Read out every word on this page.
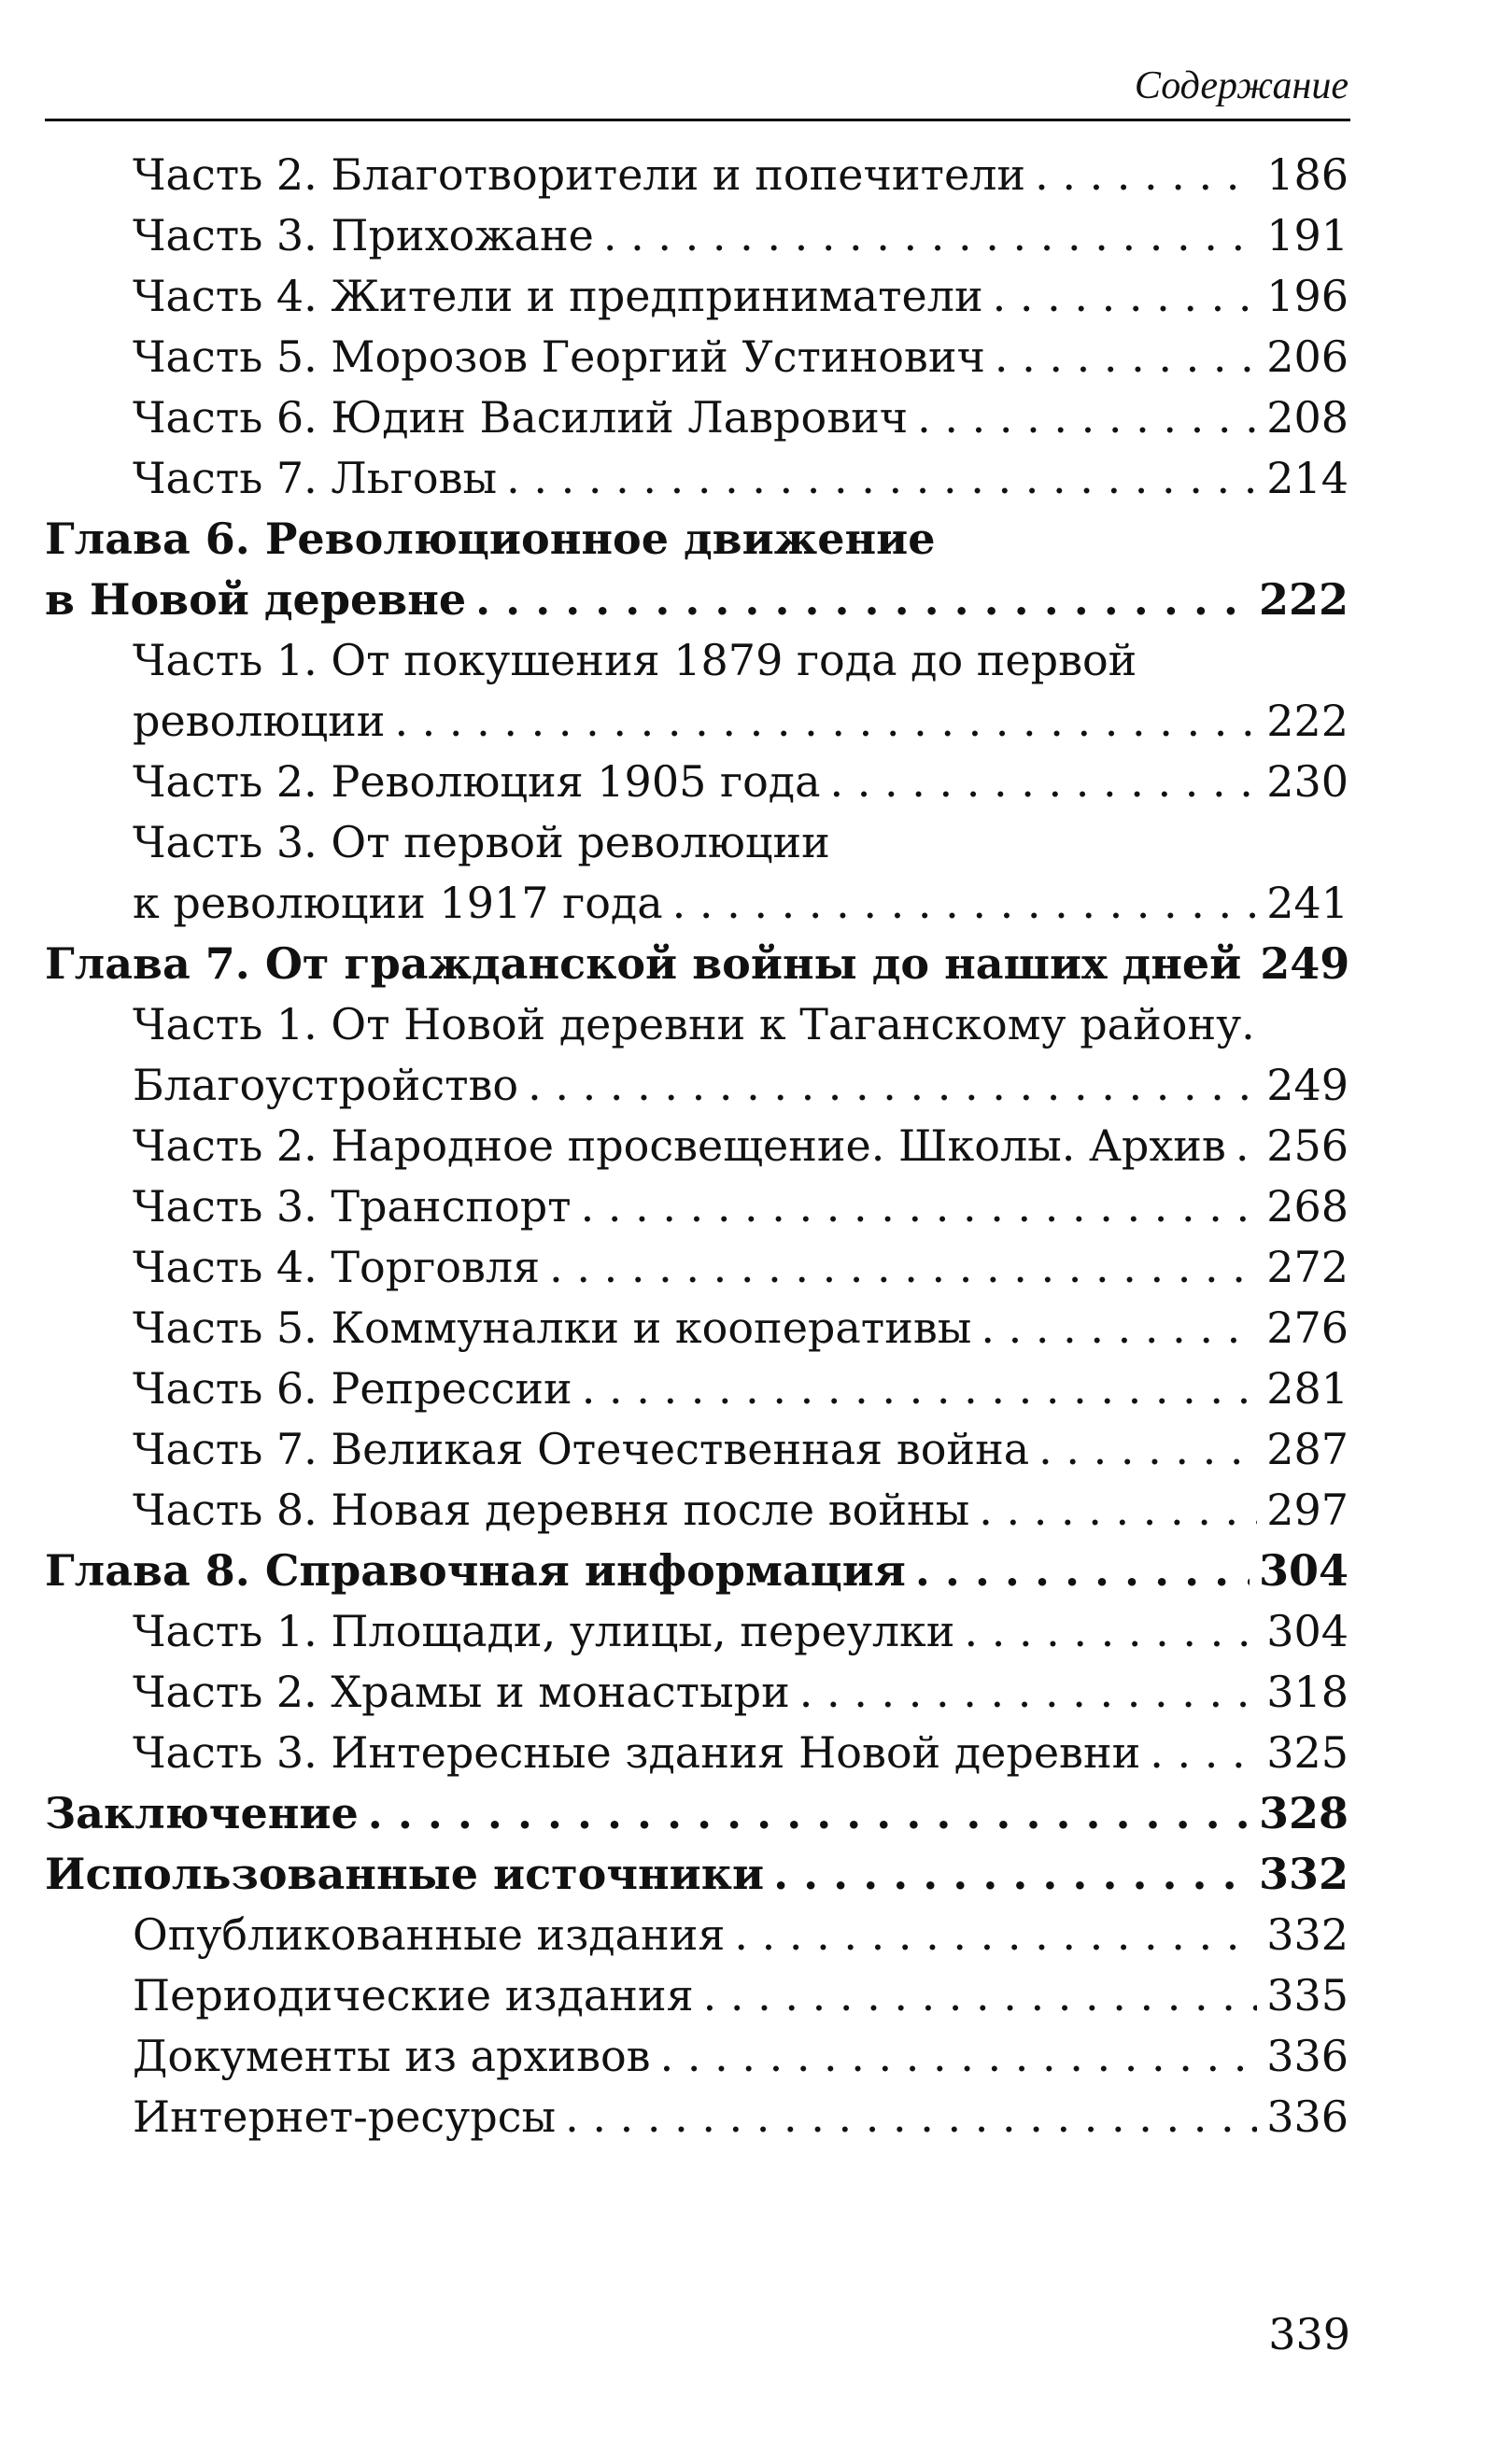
Содержание
Часть 2. Благотворители и попечители . . .	186
Часть 3. Прихожане . . .	191
Часть 4. Жители и предприниматели . . .	196
Часть 5. Морозов Георгий Устинович . . .	206
Часть 6. Юдин Василий Лаврович . . .	208
Часть 7. Льговы . . .	214
Глава 6. Революционное движение
в Новой деревне . . .	222
Часть 1. От покушения 1879 года до первой
революции . . .	222
Часть 2. Революция 1905 года . . .	230
Часть 3. От первой революции
к революции 1917 года . . .	241
Глава 7. От гражданской войны до наших дней 249
Часть 1. От Новой деревни к Таганскому району.
Благоустройство . . .	249
Часть 2. Народное просвещение. Школы. Архив . . . 256
Часть 3. Транспорт . . .	268
Часть 4. Торговля . . .	272
Часть 5. Коммуналки и кооперативы . . .	276
Часть 6. Репрессии . . .	281
Часть 7. Великая Отечественная война . . .	287
Часть 8. Новая деревня после войны . . .	297
Глава 8. Справочная информация . . .	304
Часть 1. Площади, улицы, переулки . . .	304
Часть 2. Храмы и монастыри . . .	318
Часть 3. Интересные здания Новой деревни . . .	325
Заключение . . .	328
Использованные источники . . .	332
Опубликованные издания . . .	332
Периодические издания . . .	335
Документы из архивов . . .	336
Интернет-ресурсы . . .	336
339
